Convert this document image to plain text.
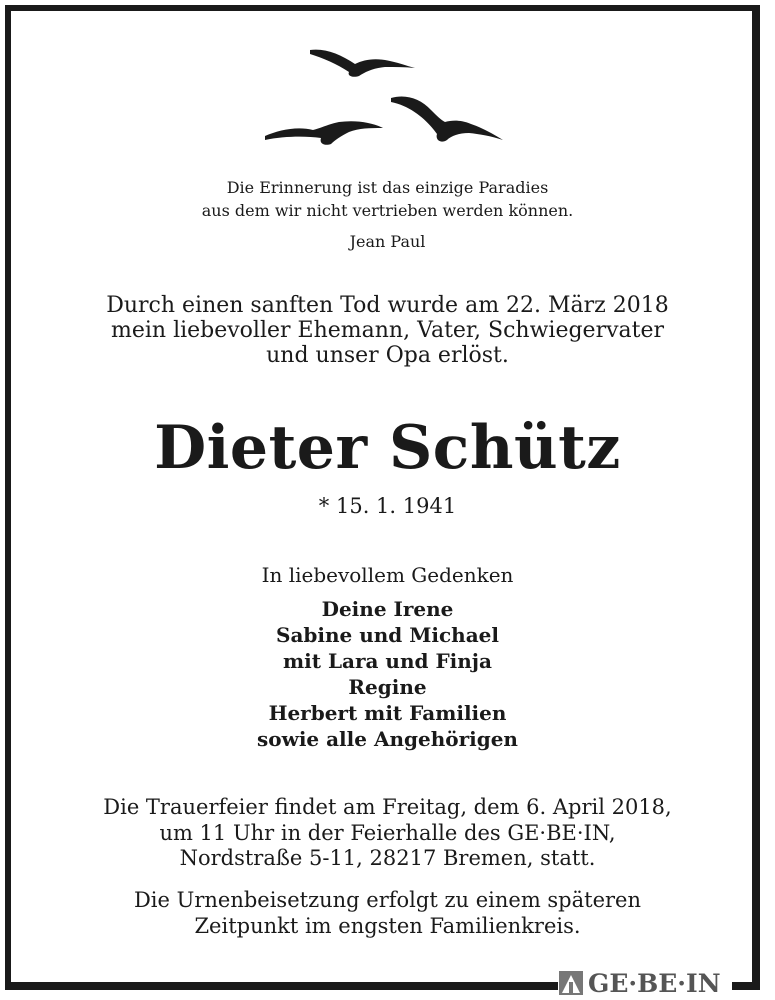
Die Erinnerung ist das einzige Paradies
aus dem wir nicht vertrieben werden können.
Jean Paul
Durch einen sanften Tod wurde am 22. März 2018
mein liebevoller Ehemann, Vater, Schwiegervater
und unser Opa erlöst.
Dieter Schütz
* 15. 1. 1941
In liebevollem Gedenken
Deine Irene
Sabine und Michael
mit Lara und Finja
Regine
Herbert mit Familien
sowie alle Angehörigen
Die Trauerfeier findet am Freitag, dem 6. April 2018,
um 11 Uhr in der Feierhalle des GE·BE·IN,
Nordstraße 5-11, 28217 Bremen, statt.
Die Urnenbeisetzung erfolgt zu einem späteren
Zeitpunkt im engsten Familienkreis.
GE·BE·IN
